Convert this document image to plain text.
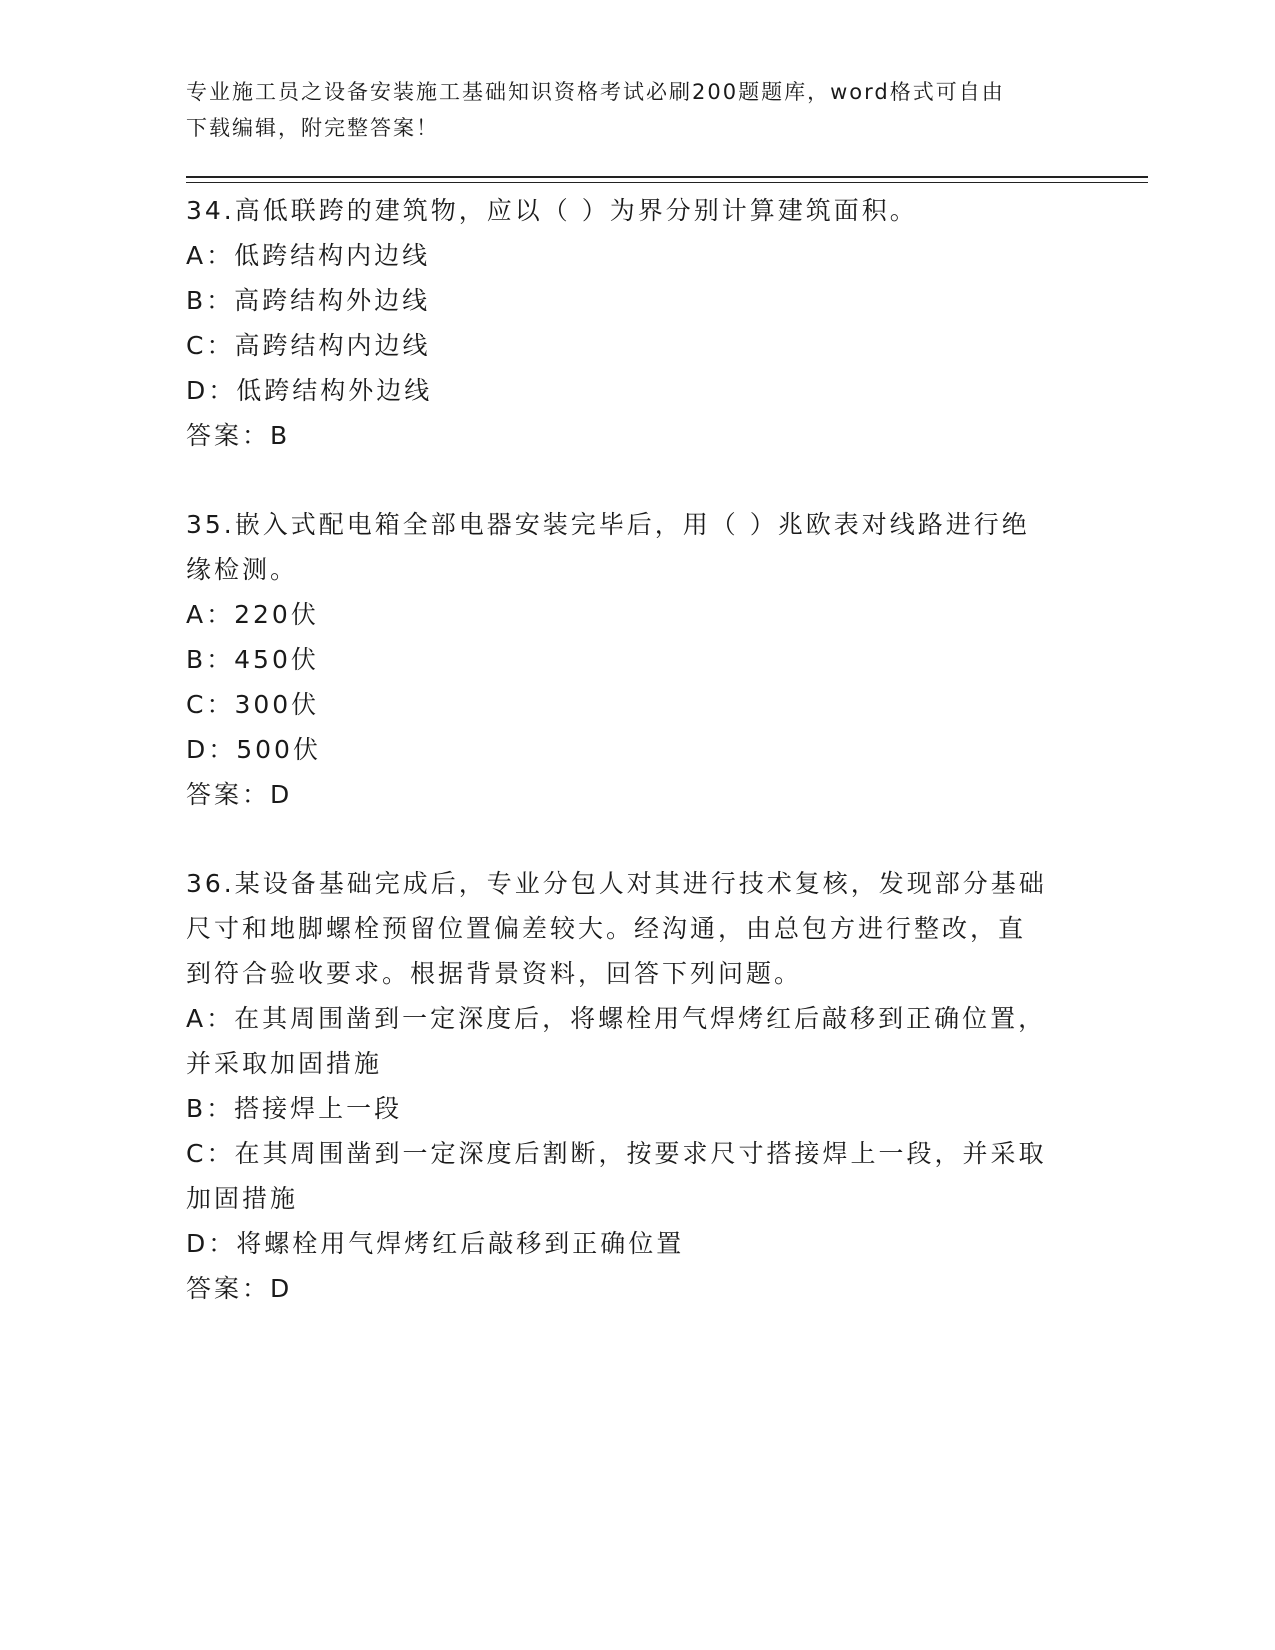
专业施工员之设备安装施工基础知识资格考试必刷200题题库，word格式可自由

下载编辑，附完整答案！

34.高低联跨的建筑物，应以（ ）为界分别计算建筑面积。

A：低跨结构内边线

B：高跨结构外边线

C：高跨结构内边线

D：低跨结构外边线

答案：B

35.嵌入式配电箱全部电器安装完毕后，用（ ）兆欧表对线路进行绝

缘检测。

A：220伏

B：450伏

C：300伏

D：500伏

答案：D

36.某设备基础完成后，专业分包人对其进行技术复核，发现部分基础

尺寸和地脚螺栓预留位置偏差较大。经沟通，由总包方进行整改，直

到符合验收要求。根据背景资料，回答下列问题。

A：在其周围凿到一定深度后，将螺栓用气焊烤红后敲移到正确位置，

并采取加固措施

B：搭接焊上一段

C：在其周围凿到一定深度后割断，按要求尺寸搭接焊上一段，并采取

加固措施

D：将螺栓用气焊烤红后敲移到正确位置

答案：D
